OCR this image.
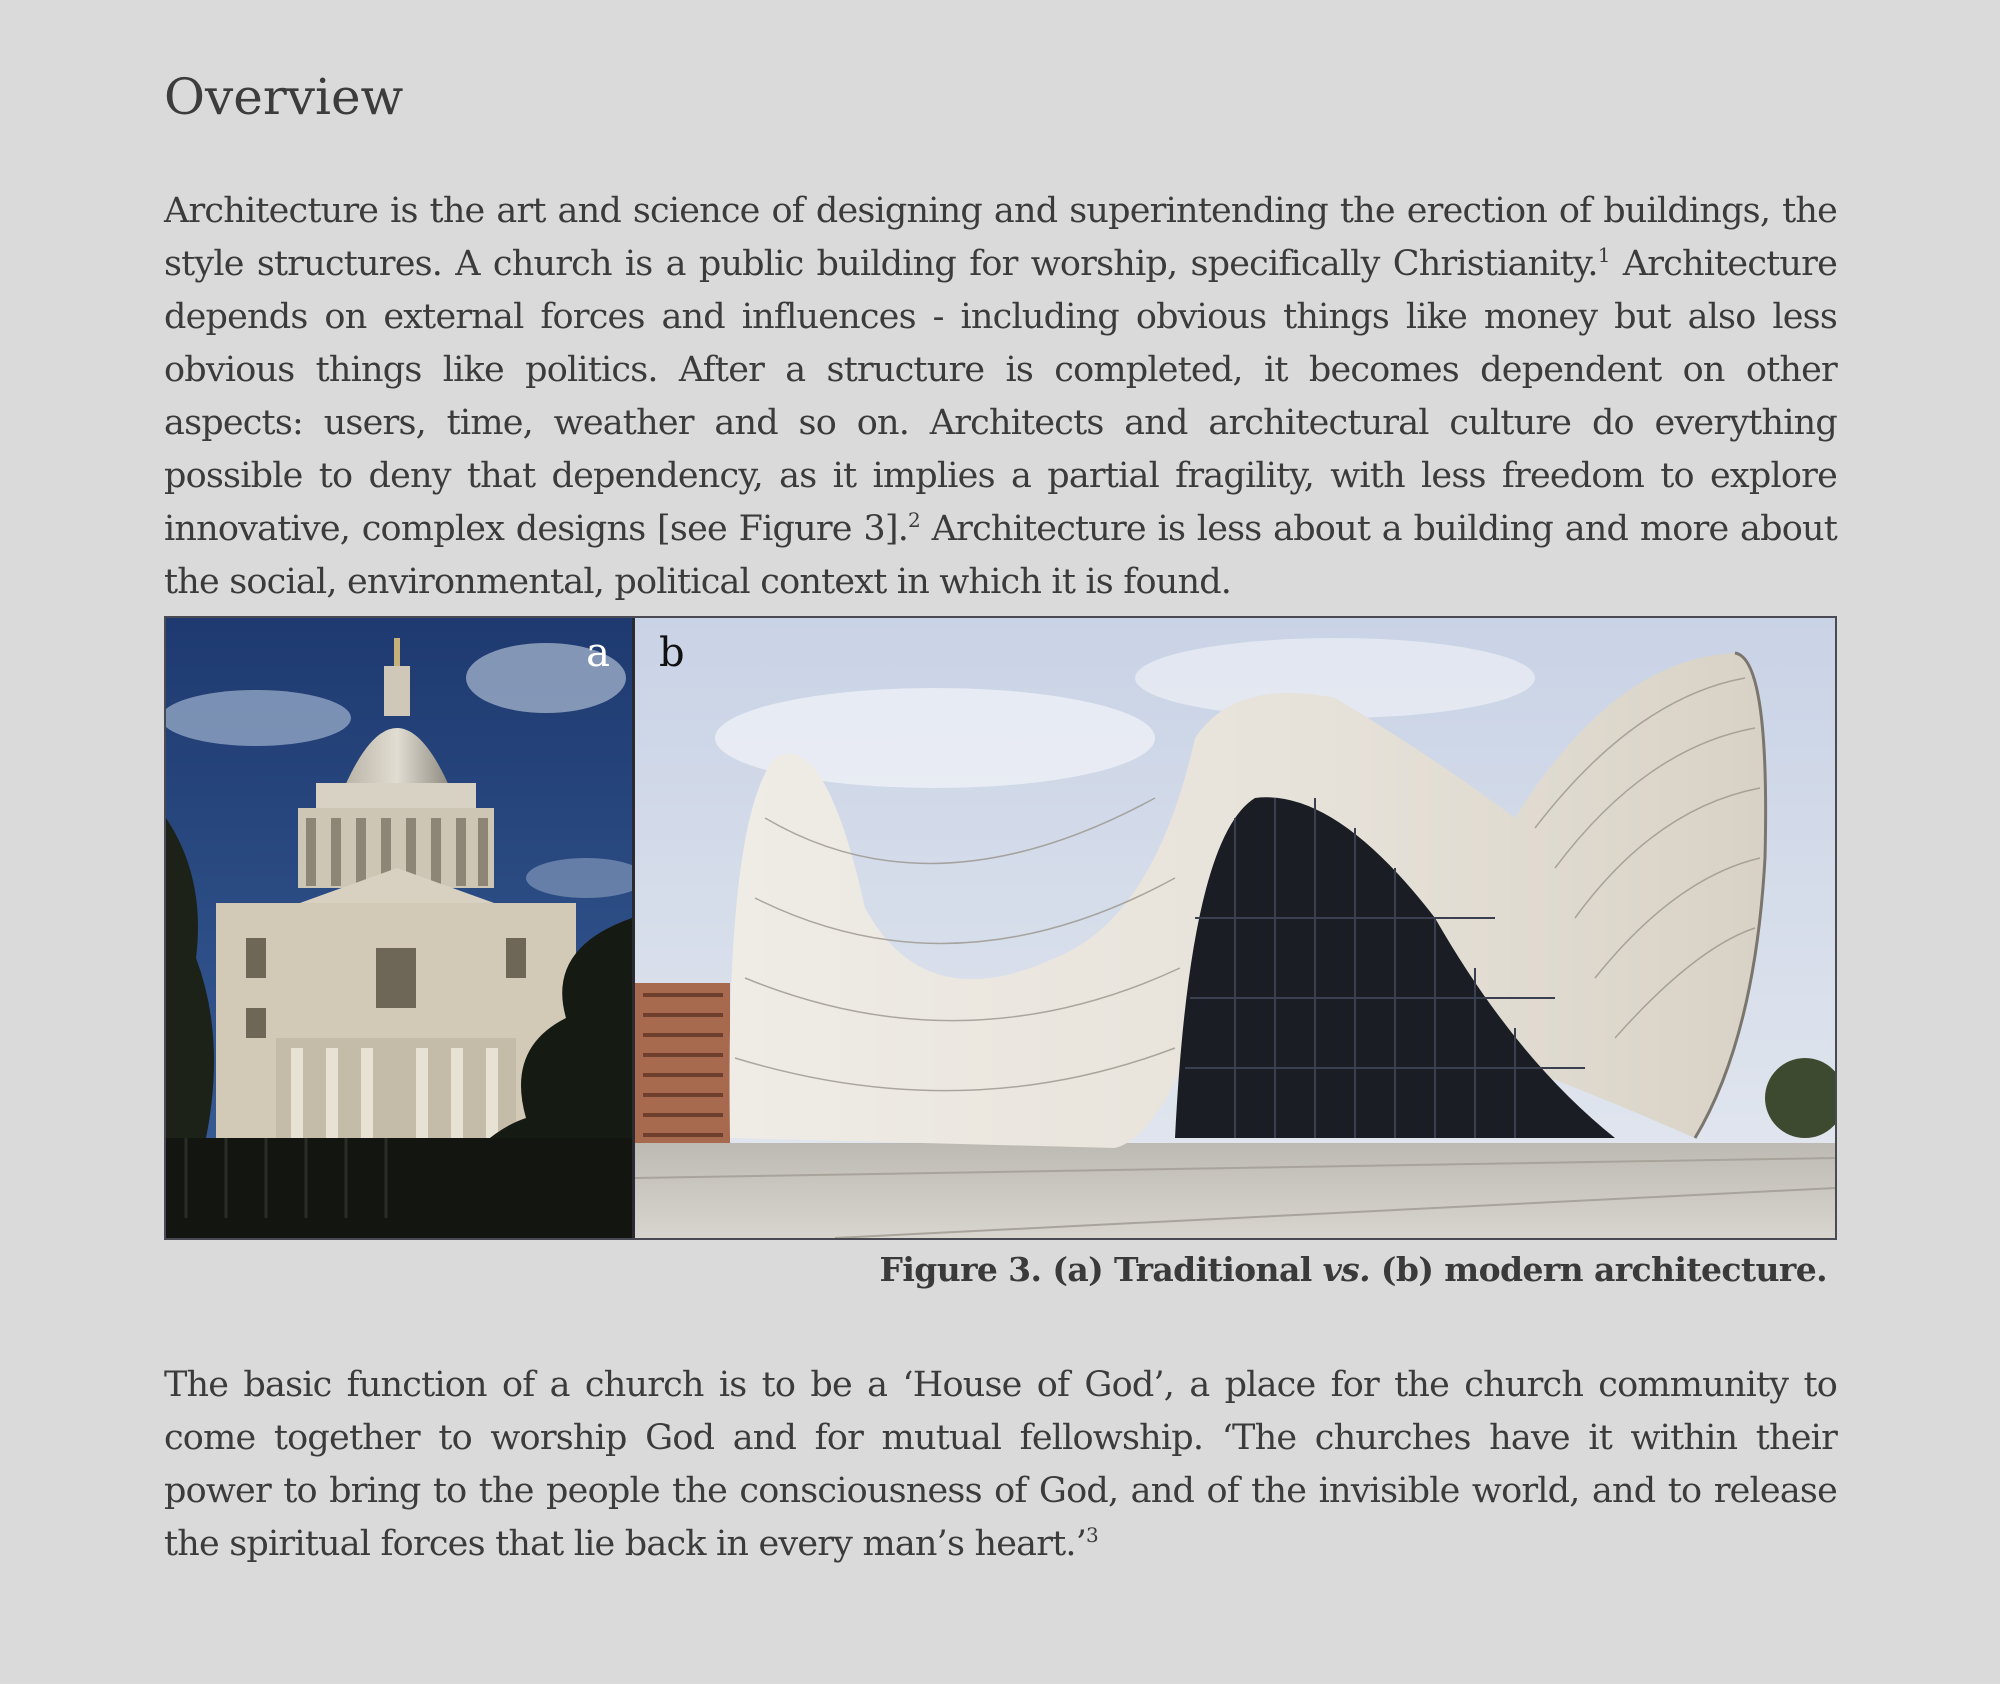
Overview

Architecture is the art and science of designing and superintending the erection of buildings, the style structures. A church is a public building for worship, specifically Christianity.$^1$ Architecture depends on external forces and influences - including obvious things like money but also less obvious things like politics. After a structure is completed, it becomes dependent on other aspects: users, time, weather and so on. Architects and architectural culture do everything possible to deny that dependency, as it implies a partial fragility, with less freedom to explore innovative, complex designs [see Figure 3].$^2$ Architecture is less about a building and more about the social, environmental, political context in which it is found.

a b
Figure 3. (a) Traditional vs. (b) modern architecture.

The basic function of a church is to be a ‘House of God’, a place for the church community to come together to worship God and for mutual fellowship. ‘The churches have it within their power to bring to the people the consciousness of God, and of the invisible world, and to release the spiritual forces that lie back in every man’s heart.’$^3$
